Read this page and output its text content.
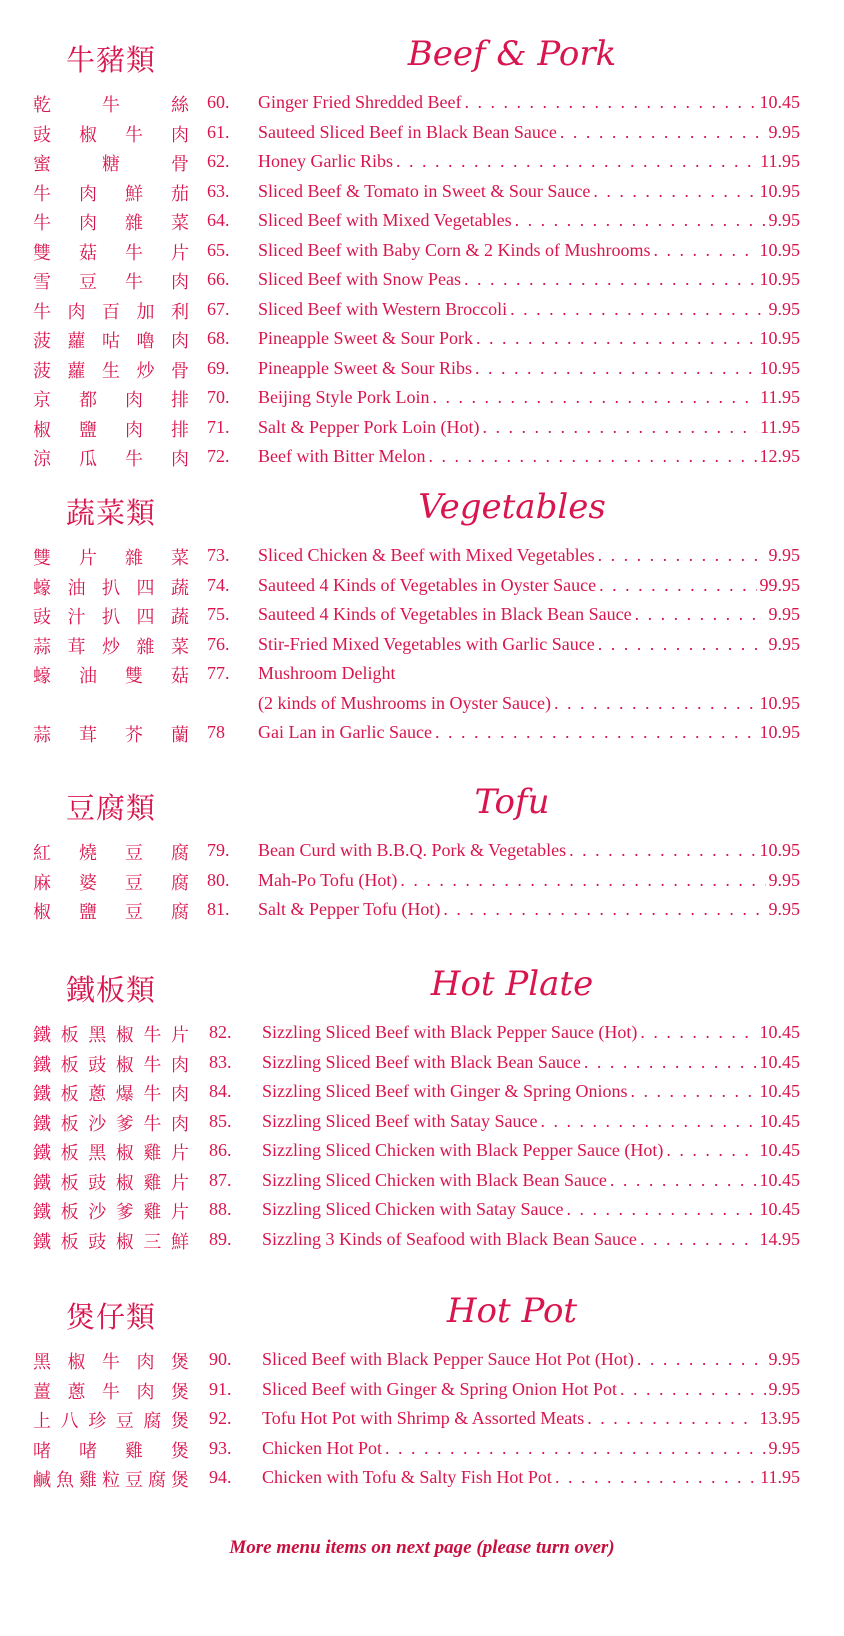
牛豬類	Beef & Pork
乾	牛	絲 60.	Ginger Fried Shredded Beef . . .	10.45
豉 椒 牛 肉 61.	Sauteed Sliced Beef in Black Bean Sauce . . .	9.95
蜜	糖	骨 62.	Honey Garlic Ribs . . .	11.95
牛 肉 鮮 茄 63.	Sliced Beef & Tomato in Sweet & Sour Sauce . . .	10.95
牛 肉 雜 菜 64.	Sliced Beef with Mixed Vegetables . . .	9.95
雙 菇 牛 片 65.	Sliced Beef with Baby Corn & 2 Kinds of Mushrooms . . .	10.95
雪 豆 牛 肉 66.	Sliced Beef with Snow Peas . . .	10.95
牛 肉 百 加 利 67.	Sliced Beef with Western Broccoli . . .	9.95
菠 蘿 咕 嚕 肉 68.	Pineapple Sweet & Sour Pork . . .	10.95
菠 蘿 生 炒 骨 69.	Pineapple Sweet & Sour Ribs . . .	10.95
京 都 肉 排 70.	Beijing Style Pork Loin . . .	11.95
椒 鹽 肉 排 71.	Salt & Pepper Pork Loin (Hot) . . .	11.95
涼 瓜 牛 肉 72.	Beef with Bitter Melon . . .	12.95
蔬菜類	Vegetables
雙 片 雜 菜 73.	Sliced Chicken & Beef with Mixed Vegetables . . .	9.95
蠔 油 扒 四 蔬 74.	Sauteed 4 Kinds of Vegetables in Oyster Sauce . . .	99.95
豉 汁 扒 四 蔬 75.	Sauteed 4 Kinds of Vegetables in Black Bean Sauce . . .	9.95
蒜 茸 炒 雜 菜 76.	Stir-Fried Mixed Vegetables with Garlic Sauce . . .	9.95
蠔 油 雙 菇 77.	Mushroom Delight
(2 kinds of Mushrooms in Oyster Sauce) . . .	10.95
蒜 茸 芥 蘭 78	Gai Lan in Garlic Sauce . . .	10.95
豆腐類	Tofu
紅 燒 豆 腐 79.	Bean Curd with B.B.Q. Pork & Vegetables . . .	10.95
麻 婆 豆 腐 80.	Mah-Po Tofu (Hot) . . .	9.95
椒 鹽 豆 腐 81.	Salt & Pepper Tofu (Hot) . . .	9.95
鐵板類	Hot Plate
鐵 板 黑 椒 牛 片 82.	Sizzling Sliced Beef with Black Pepper Sauce (Hot) . . .	10.45
鐵 板 豉 椒 牛 肉 83.	Sizzling Sliced Beef with Black Bean Sauce . . .	10.45
鐵 板 蔥 爆 牛 肉 84.	Sizzling Sliced Beef with Ginger & Spring Onions . . .	10.45
鐵 板 沙 爹 牛 肉 85.	Sizzling Sliced Beef with Satay Sauce . . .	10.45
鐵 板 黑 椒 雞 片 86.	Sizzling Sliced Chicken with Black Pepper Sauce (Hot) . . .	10.45
鐵 板 豉 椒 雞 片 87.	Sizzling Sliced Chicken with Black Bean Sauce . . .	10.45
鐵 板 沙 爹 雞 片 88.	Sizzling Sliced Chicken with Satay Sauce . . .	10.45
鐵 板 豉 椒 三 鮮 89.	Sizzling 3 Kinds of Seafood with Black Bean Sauce . . .	14.95
煲仔類	Hot Pot
黑 椒 牛 肉 煲 90.	Sliced Beef with Black Pepper Sauce Hot Pot (Hot) . . .	9.95
薑 蔥 牛 肉 煲 91.	Sliced Beef with Ginger & Spring Onion Hot Pot . . .	9.95
上 八 珍 豆 腐 煲 92.	Tofu Hot Pot with Shrimp & Assorted Meats . . .	13.95
啫 啫 雞 煲 93.	Chicken Hot Pot . . .	9.95
鹹 魚 雞 粒 豆 腐 煲 94.	Chicken with Tofu & Salty Fish Hot Pot . . .	11.95
More menu items on next page (please turn over)
